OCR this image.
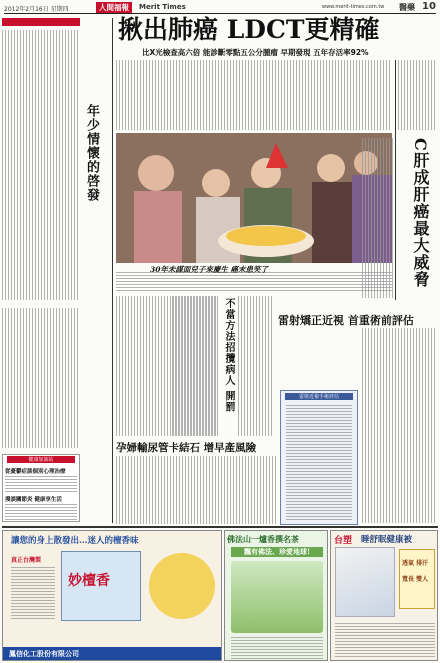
2012年2月16日 星期四	人間福報	Merit Times	www.merit-times.com.tw 醫藥 10
健康加油站
從憂鬱症談個別心理治療
漫談關節炎 健康享生活
年少情懷的啓發
揪出肺癌 LDCT更精確
比X光檢查高六倍 能診斷零點五公分腫瘤 早期發現 五年存活率92%
30年未謀面兒子來慶生 癌末患笑了	C肝成肝癌最大威脅
不當方法招攬病人 開罰	雷射矯正近視 首重術前評估
雷射近視手術評估
孕婦輸尿管卡結石 增早產風險
讓您的身上散發出…迷人的檀香味
妙檀香
真正台灣製
鳳信化工股份有限公司
佛法山一爐香撰名茶
飄有佛法、珍愛地球!
台塑 睡舒眠健康被
透氣 排汗
寬長 雙人
